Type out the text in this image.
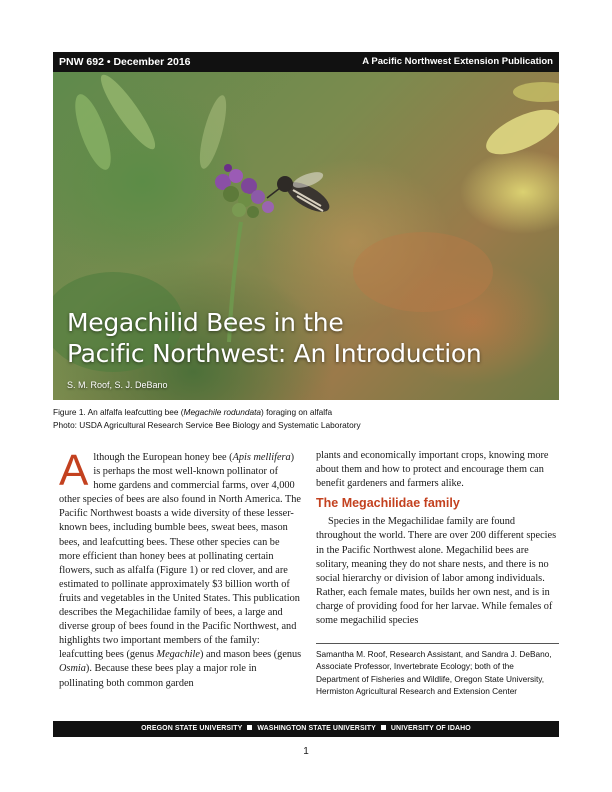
PNW 692 • December 2016	A Pacific Northwest Extension Publication
Megachilid Bees in the
Pacific Northwest: An Introduction
S. M. Roof, S. J. DeBano
Figure 1. An alfalfa leafcutting bee (Megachile rodundata) foraging on alfalfa
Photo: USDA Agricultural Research Service Bee Biology and Systematic Laboratory

Although the European honey bee (Apis mellifera) is perhaps the most well-known pollinator of home gardens and commercial farms, over 4,000 other species of bees are also found in North America. The Pacific Northwest boasts a wide diversity of these lesser-known bees, including bumble bees, sweat bees, mason bees, and leafcutting bees. These other species can be more efficient than honey bees at pollinating certain flowers, such as alfalfa (Figure 1) or red clover, and are estimated to pollinate approximately $3 billion worth of fruits and vegetables in the United States. This publication describes the Megachilidae family of bees, a large and diverse group of bees found in the Pacific Northwest, and highlights two important members of the family: leafcutting bees (genus Megachile) and mason bees (genus Osmia). Because these bees play a major role in pollinating both common garden

plants and economically important crops, knowing more about them and how to protect and encourage them can benefit gardeners and farmers alike.

The Megachilidae family

Species in the Megachilidae family are found throughout the world. There are over 200 different species in the Pacific Northwest alone. Megachilid bees are solitary, meaning they do not share nests, and there is no social hierarchy or division of labor among individuals. Rather, each female mates, builds her own nest, and is in charge of providing food for her larvae. While females of some megachilid species

Samantha M. Roof, Research Assistant, and Sandra J. DeBano, Associate Professor, Invertebrate Ecology; both of the Department of Fisheries and Wildlife, Oregon State University, Hermiston Agricultural Research and Extension Center
OREGON STATE UNIVERSITY WASHINGTON STATE UNIVERSITY UNIVERSITY OF IDAHO
1
